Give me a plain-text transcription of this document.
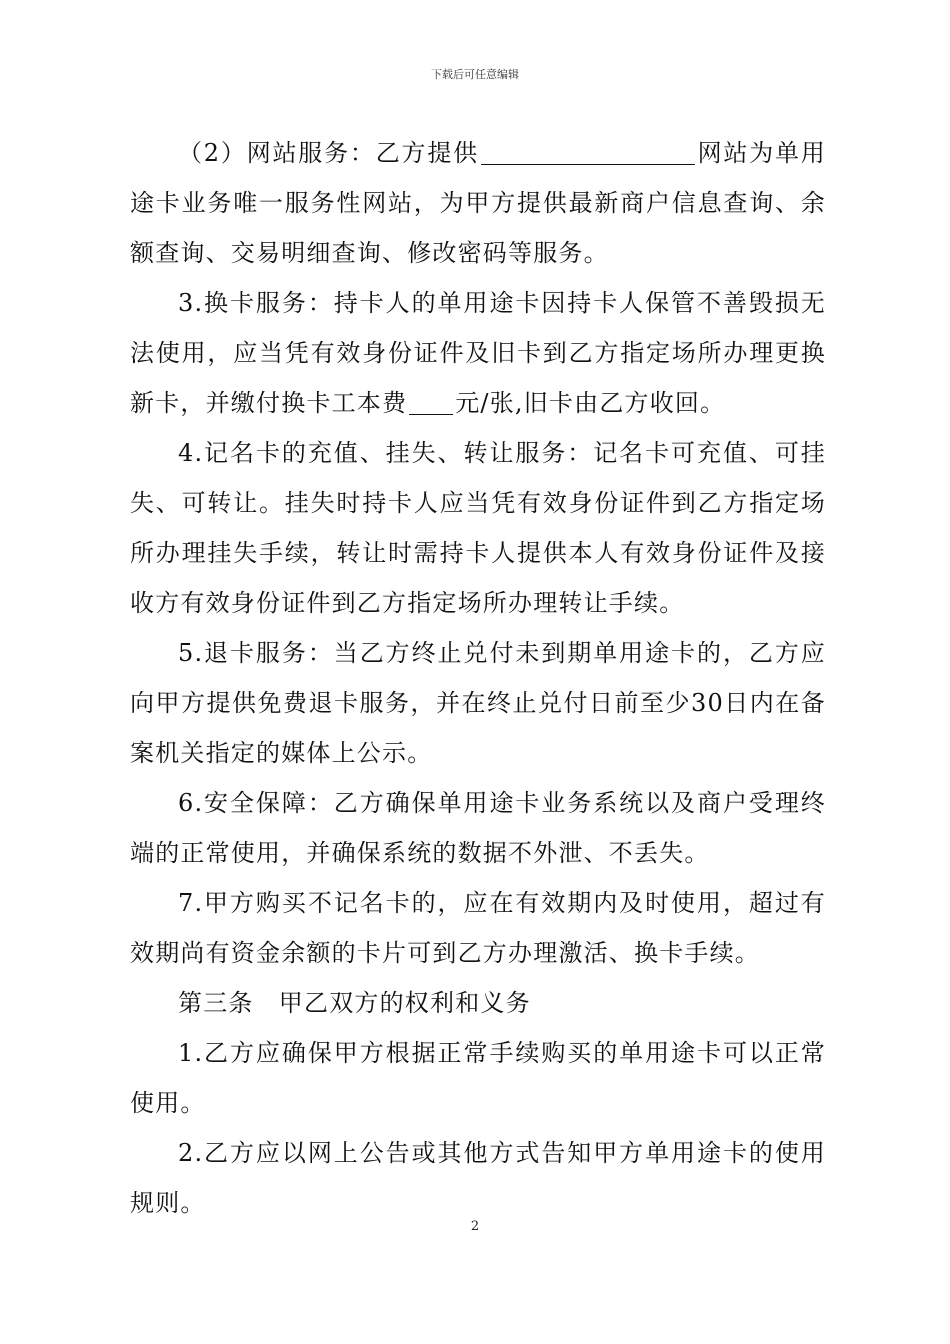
下载后可任意编辑

（2）网站服务：乙方提供	网站为单用途卡业务唯一服务性网站，为甲方提供最新商户信息查询、余额查询、交易明细查询、修改密码等服务。

3.换卡服务：持卡人的单用途卡因持卡人保管不善毁损无法使用，应当凭有效身份证件及旧卡到乙方指定场所办理更换新卡，并缴付换卡工本费 元/张,旧卡由乙方收回。

4.记名卡的充值、挂失、转让服务：记名卡可充值、可挂失、可转让。挂失时持卡人应当凭有效身份证件到乙方指定场所办理挂失手续，转让时需持卡人提供本人有效身份证件及接收方有效身份证件到乙方指定场所办理转让手续。

5.退卡服务：当乙方终止兑付未到期单用途卡的，乙方应向甲方提供免费退卡服务，并在终止兑付日前至少30日内在备案机关指定的媒体上公示。

6.安全保障：乙方确保单用途卡业务系统以及商户受理终端的正常使用，并确保系统的数据不外泄、不丢失。

7.甲方购买不记名卡的，应在有效期内及时使用，超过有效期尚有资金余额的卡片可到乙方办理激活、换卡手续。

第三条　甲乙双方的权利和义务

1.乙方应确保甲方根据正常手续购买的单用途卡可以正常使用。

2.乙方应以网上公告或其他方式告知甲方单用途卡的使用规则。

2
